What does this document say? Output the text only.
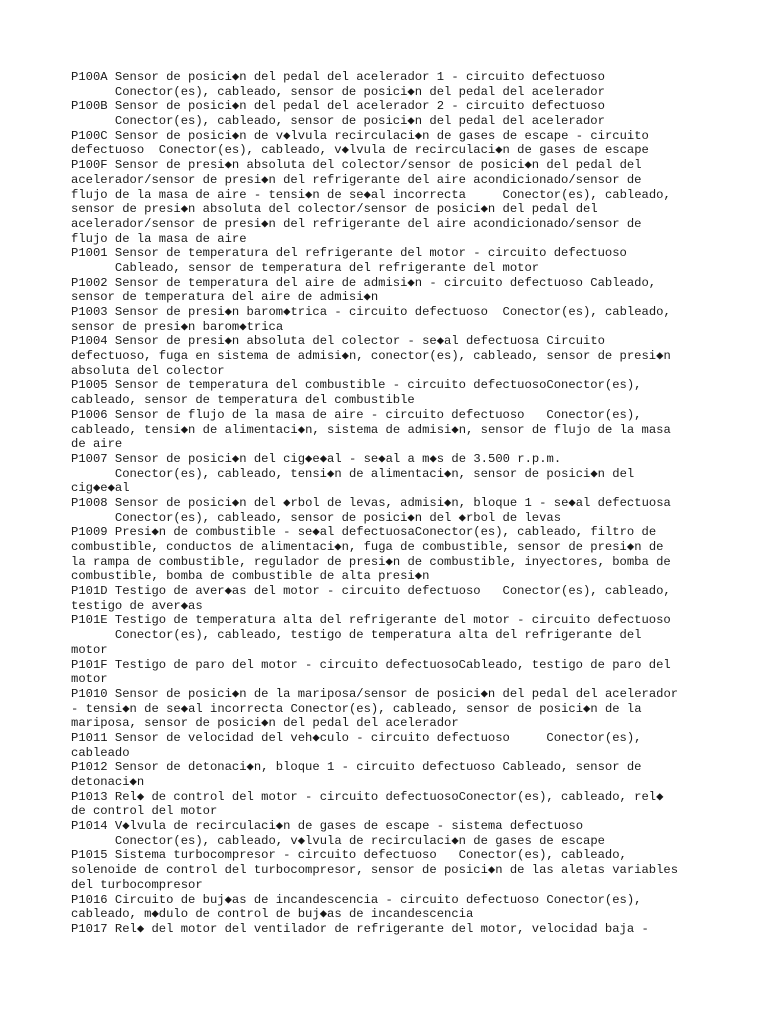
P100A Sensor de posici◆n del pedal del acelerador 1 - circuito defectuoso
Conector(es), cableado, sensor de posici◆n del pedal del acelerador
P100B Sensor de posici◆n del pedal del acelerador 2 - circuito defectuoso
Conector(es), cableado, sensor de posici◆n del pedal del acelerador
P100C Sensor de posici◆n de v◆lvula recirculaci◆n de gases de escape - circuito
defectuoso  Conector(es), cableado, v◆lvula de recirculaci◆n de gases de escape
P100F Sensor de presi◆n absoluta del colector/sensor de posici◆n del pedal del
acelerador/sensor de presi◆n del refrigerante del aire acondicionado/sensor de
flujo de la masa de aire - tensi◆n de se◆al incorrecta     Conector(es), cableado,
sensor de presi◆n absoluta del colector/sensor de posici◆n del pedal del
acelerador/sensor de presi◆n del refrigerante del aire acondicionado/sensor de
flujo de la masa de aire
P1001 Sensor de temperatura del refrigerante del motor - circuito defectuoso
Cableado, sensor de temperatura del refrigerante del motor
P1002 Sensor de temperatura del aire de admisi◆n - circuito defectuoso Cableado,
sensor de temperatura del aire de admisi◆n
P1003 Sensor de presi◆n barom◆trica - circuito defectuoso  Conector(es), cableado,
sensor de presi◆n barom◆trica
P1004 Sensor de presi◆n absoluta del colector - se◆al defectuosa Circuito
defectuoso, fuga en sistema de admisi◆n, conector(es), cableado, sensor de presi◆n
absoluta del colector
P1005 Sensor de temperatura del combustible - circuito defectuosoConector(es),
cableado, sensor de temperatura del combustible
P1006 Sensor de flujo de la masa de aire - circuito defectuoso   Conector(es),
cableado, tensi◆n de alimentaci◆n, sistema de admisi◆n, sensor de flujo de la masa
de aire
P1007 Sensor de posici◆n del cig◆e◆al - se◆al a m◆s de 3.500 r.p.m.
Conector(es), cableado, tensi◆n de alimentaci◆n, sensor de posici◆n del
cig◆e◆al
P1008 Sensor de posici◆n del ◆rbol de levas, admisi◆n, bloque 1 - se◆al defectuosa
Conector(es), cableado, sensor de posici◆n del ◆rbol de levas
P1009 Presi◆n de combustible - se◆al defectuosaConector(es), cableado, filtro de
combustible, conductos de alimentaci◆n, fuga de combustible, sensor de presi◆n de
la rampa de combustible, regulador de presi◆n de combustible, inyectores, bomba de
combustible, bomba de combustible de alta presi◆n
P101D Testigo de aver◆as del motor - circuito defectuoso   Conector(es), cableado,
testigo de aver◆as
P101E Testigo de temperatura alta del refrigerante del motor - circuito defectuoso
Conector(es), cableado, testigo de temperatura alta del refrigerante del
motor
P101F Testigo de paro del motor - circuito defectuosoCableado, testigo de paro del
motor
P1010 Sensor de posici◆n de la mariposa/sensor de posici◆n del pedal del acelerador
- tensi◆n de se◆al incorrecta Conector(es), cableado, sensor de posici◆n de la
mariposa, sensor de posici◆n del pedal del acelerador
P1011 Sensor de velocidad del veh◆culo - circuito defectuoso     Conector(es),
cableado
P1012 Sensor de detonaci◆n, bloque 1 - circuito defectuoso Cableado, sensor de
detonaci◆n
P1013 Rel◆ de control del motor - circuito defectuosoConector(es), cableado, rel◆
de control del motor
P1014 V◆lvula de recirculaci◆n de gases de escape - sistema defectuoso
Conector(es), cableado, v◆lvula de recirculaci◆n de gases de escape
P1015 Sistema turbocompresor - circuito defectuoso   Conector(es), cableado,
solenoide de control del turbocompresor, sensor de posici◆n de las aletas variables
del turbocompresor
P1016 Circuito de buj◆as de incandescencia - circuito defectuoso Conector(es),
cableado, m◆dulo de control de buj◆as de incandescencia
P1017 Rel◆ del motor del ventilador de refrigerante del motor, velocidad baja -
